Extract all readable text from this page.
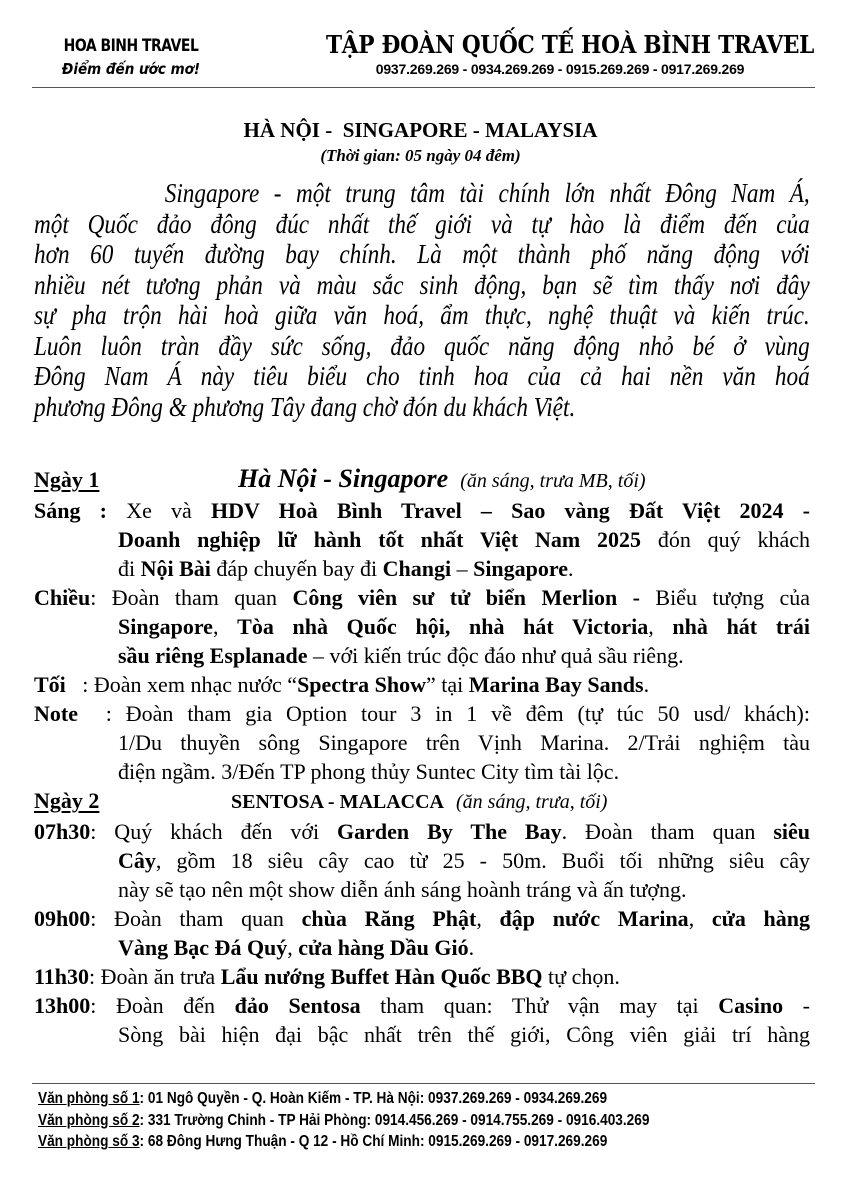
HOA BINH TRAVEL
Điểm đến ước mơ!
TẬP ĐOÀN QUỐC TẾ HOÀ BÌNH TRAVEL
0937.269.269 - 0934.269.269 - 0915.269.269 - 0917.269.269
HÀ NỘI -  SINGAPORE - MALAYSIA
(Thời gian: 05 ngày 04 đêm)
Singapore - một trung tâm tài chính lớn nhất Đông Nam Á,
một Quốc đảo đông đúc nhất thế giới và tự hào là điểm đến của
hơn 60 tuyến đường bay chính. Là một thành phố năng động với
nhiều nét tương phản và màu sắc sinh động, bạn sẽ tìm thấy nơi đây
sự pha trộn hài hoà giữa văn hoá, ẩm thực, nghệ thuật và kiến trúc.
Luôn luôn tràn đầy sức sống, đảo quốc năng động nhỏ bé ở vùng
Đông Nam Á này tiêu biểu cho tinh hoa của cả hai nền văn hoá
phương Đông & phương Tây đang chờ đón du khách Việt.
Ngày 1	Hà Nội - Singapore (ăn sáng, trưa MB, tối)
Sáng : Xe và HDV Hoà Bình Travel – Sao vàng Đất Việt 2024 -
Doanh nghiệp lữ hành tốt nhất Việt Nam 2025 đón quý khách
đi Nội Bài đáp chuyến bay đi Changi – Singapore.
Chiều: Đoàn tham quan Công viên sư tử biển Merlion - Biểu tượng của
Singapore, Tòa nhà Quốc hội, nhà hát Victoria, nhà hát trái
sầu riêng Esplanade – với kiến trúc độc đáo như quả sầu riêng.
Tối   : Đoàn xem nhạc nước “Spectra Show” tại Marina Bay Sands.
Note  : Đoàn tham gia Option tour 3 in 1 về đêm (tự túc 50 usd/ khách):
1/Du thuyền sông Singapore trên Vịnh Marina. 2/Trải nghiệm tàu
điện ngầm. 3/Đến TP phong thủy Suntec City tìm tài lộc.
Ngày 2	SENTOSA - MALACCA (ăn sáng, trưa, tối)
07h30: Quý khách đến với Garden By The Bay. Đoàn tham quan siêu
Cây, gồm 18 siêu cây cao từ 25 - 50m. Buổi tối những siêu cây
này sẽ tạo nên một show diễn ánh sáng hoành tráng và ấn tượng.
09h00: Đoàn tham quan chùa Răng Phật, đập nước Marina, cửa hàng
Vàng Bạc Đá Quý, cửa hàng Dầu Gió.
11h30: Đoàn ăn trưa Lẩu nướng Buffet Hàn Quốc BBQ tự chọn.
13h00: Đoàn đến đảo Sentosa tham quan: Thử vận may tại Casino -
Sòng bài hiện đại bậc nhất trên thế giới, Công viên giải trí hàng
Văn phòng số 1: 01 Ngô Quyền - Q. Hoàn Kiếm - TP. Hà Nội: 0937.269.269 - 0934.269.269
Văn phòng số 2: 331 Trường Chinh - TP Hải Phòng: 0914.456.269 - 0914.755.269 - 0916.403.269
Văn phòng số 3: 68 Đông Hưng Thuận - Q 12 - Hồ Chí Minh: 0915.269.269 - 0917.269.269
